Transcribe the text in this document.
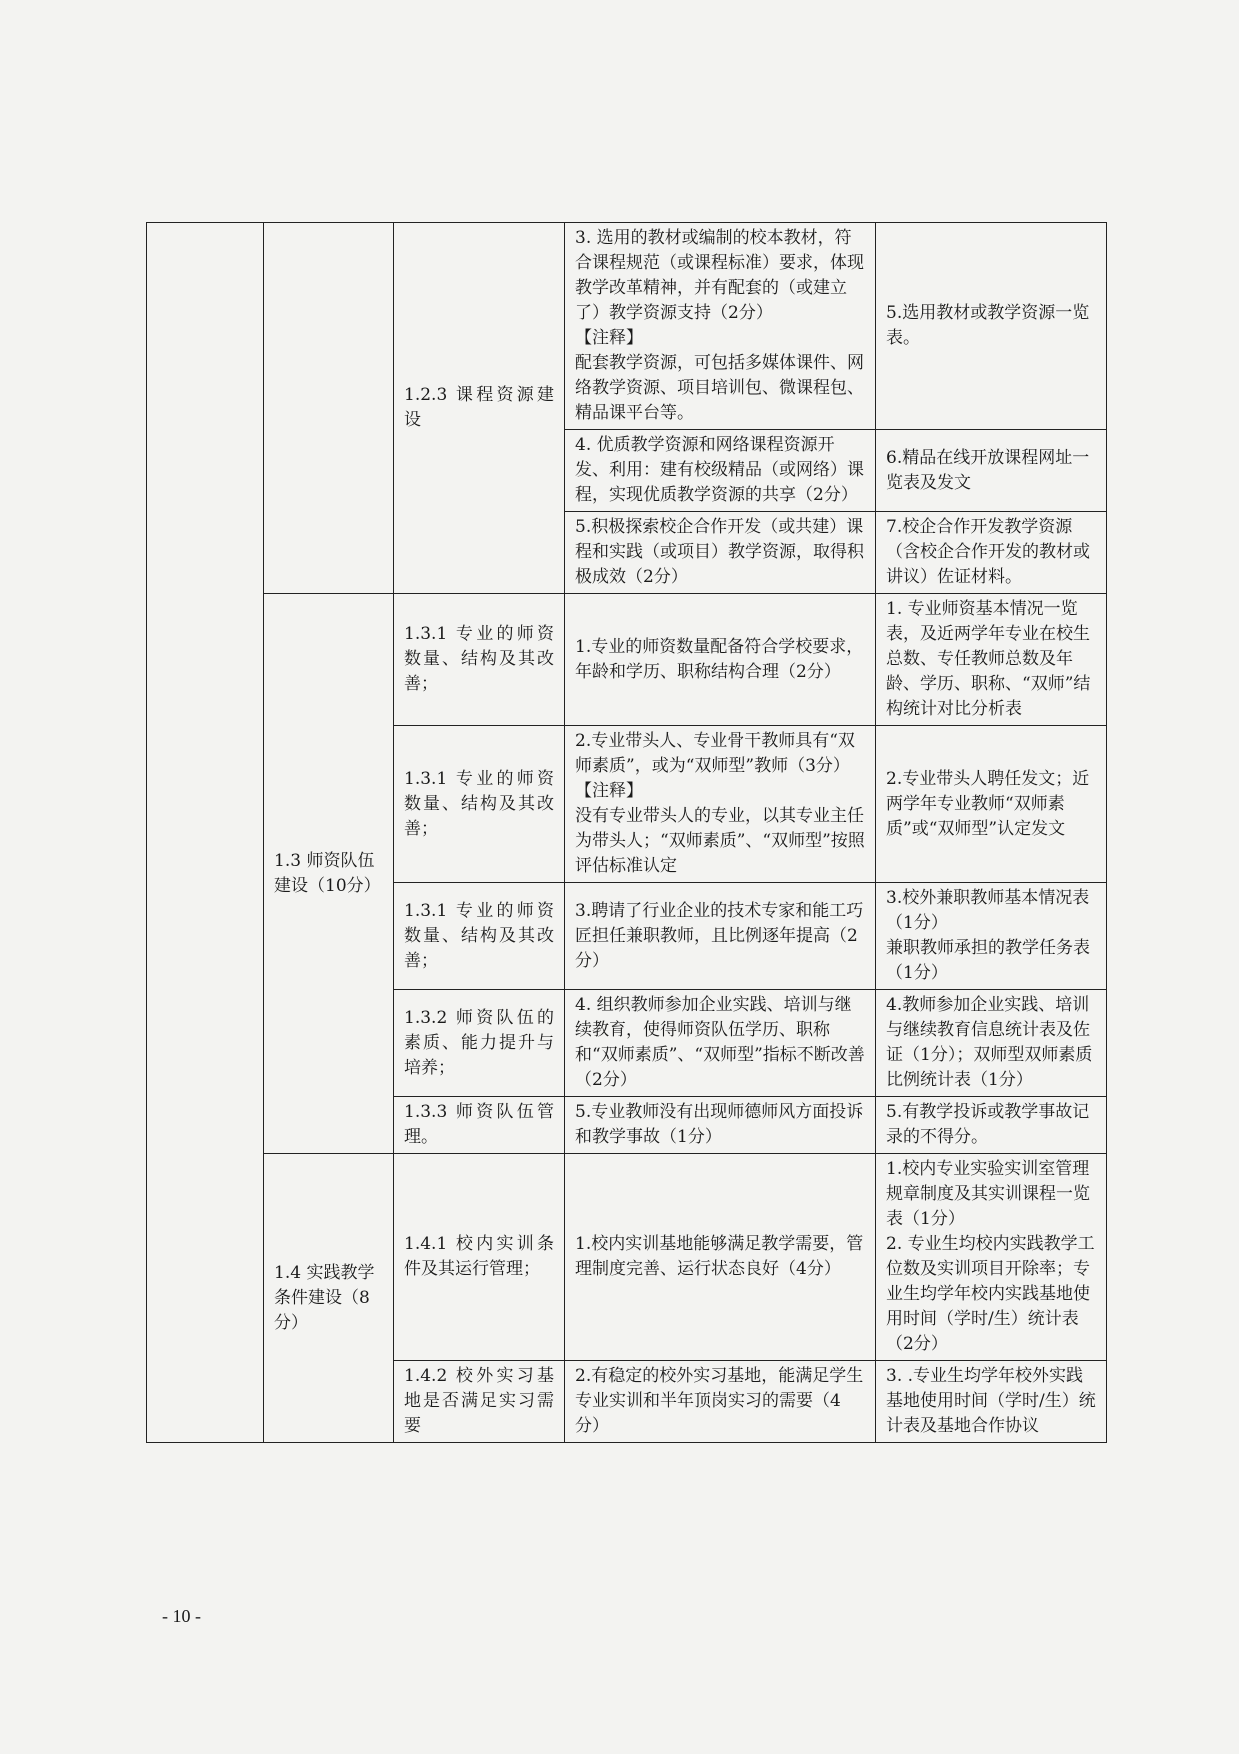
		1.2.3 课程资源建设	3. 选用的教材或编制的校本教材，符合课程规范（或课程标准）要求，体现教学改革精神，并有配套的（或建立了）教学资源支持（2分）
【注释】
配套教学资源，可包括多媒体课件、网络教学资源、项目培训包、微课程包、精品课平台等。	5.选用教材或教学资源一览表。
			4. 优质教学资源和网络课程资源开发、利用：建有校级精品（或网络）课程，实现优质教学资源的共享（2分）	6.精品在线开放课程网址一览表及发文
			5.积极探索校企合作开发（或共建）课程和实践（或项目）教学资源，取得积极成效（2分）	7.校企合作开发教学资源（含校企合作开发的教材或讲议）佐证材料。
	1.3 师资队伍建设（10分）	1.3.1 专业的师资数量、结构及其改善；	1.专业的师资数量配备符合学校要求，年龄和学历、职称结构合理（2分）	1. 专业师资基本情况一览表，及近两学年专业在校生总数、专任教师总数及年龄、学历、职称、“双师”结构统计对比分析表

		1.3.1 专业的师资数量、结构及其改善；	2.专业带头人、专业骨干教师具有“双师素质”，或为“双师型”教师（3分）
【注释】
没有专业带头人的专业，以其专业主任为带头人；“双师素质”、“双师型”按照评估标准认定	2.专业带头人聘任发文；近两学年专业教师“双师素质”或“双师型”认定发文

		1.3.1 专业的师资数量、结构及其改善；	3.聘请了行业企业的技术专家和能工巧匠担任兼职教师，且比例逐年提高（2分）	3.校外兼职教师基本情况表（1分）
兼职教师承担的教学任务表（1分）

		1.3.2 师资队伍的素质、能力提升与培养；	4. 组织教师参加企业实践、培训与继续教育，使得师资队伍学历、职称和“双师素质”、“双师型”指标不断改善（2分）	4.教师参加企业实践、培训与继续教育信息统计表及佐证（1分）；双师型双师素质比例统计表（1分）

		1.3.3 师资队伍管理。	5.专业教师没有出现师德师风方面投诉和教学事故（1分）	5.有教学投诉或教学事故记录的不得分。
	1.4 实践教学条件建设（8分）	1.4.1 校内实训条件及其运行管理；	1.校内实训基地能够满足教学需要，管理制度完善、运行状态良好（4分）	1.校内专业实验实训室管理规章制度及其实训课程一览表（1分）
2. 专业生均校内实践教学工位数及实训项目开除率；专业生均学年校内实践基地使用时间（学时/生）统计表 （2分）

		1.4.2 校外实习基地是否满足实习需要	2.有稳定的校外实习基地，能满足学生专业实训和半年顶岗实习的需要（4分）	3. .专业生均学年校外实践基地使用时间（学时/生）统计表及基地合作协议
- 10 -
